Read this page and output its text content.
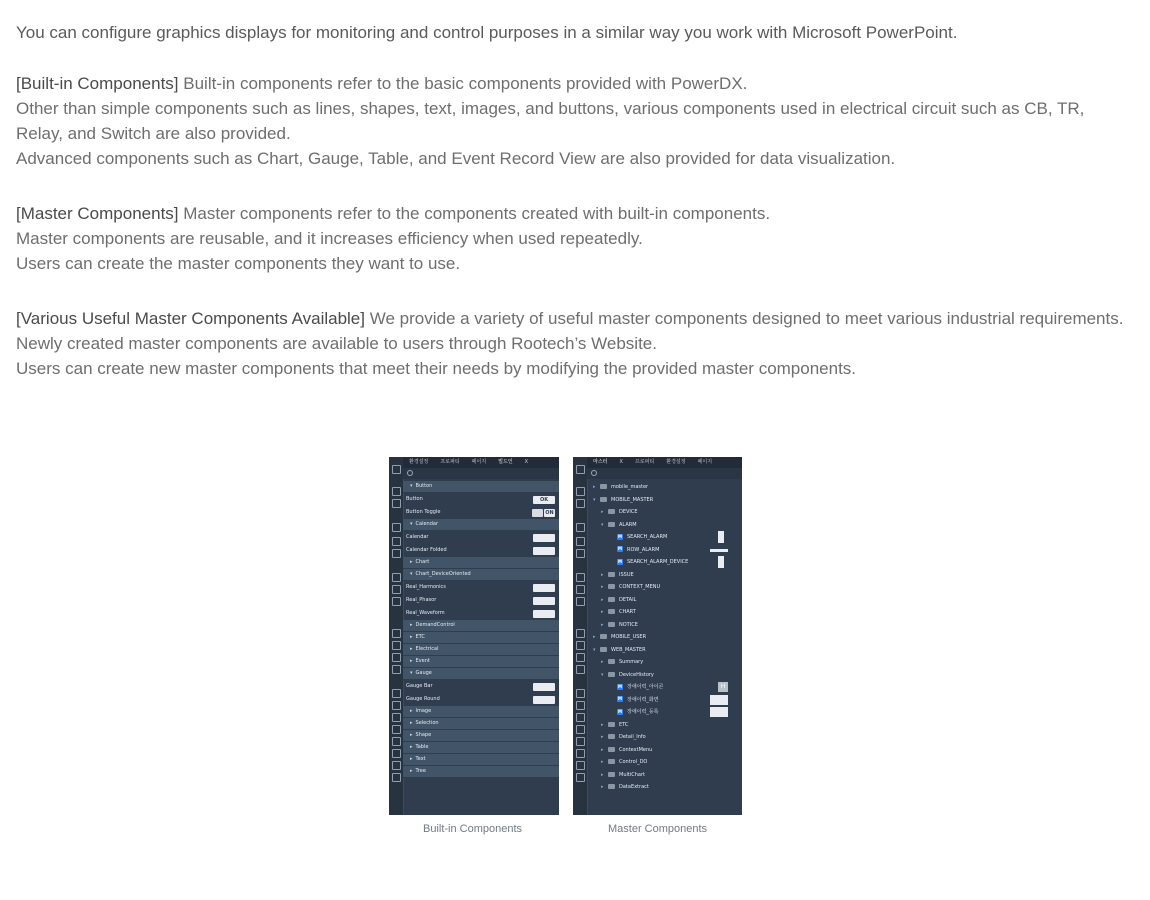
You can configure graphics displays for monitoring and control purposes in a similar way you work with Microsoft PowerPoint.

[Built-in Components] Built-in components refer to the basic components provided with PowerDX.

Other than simple components such as lines, shapes, text, images, and buttons, various components used in electrical circuit such as CB, TR, Relay, and Switch are also provided.

Advanced components such as Chart, Gauge, Table, and Event Record View are also provided for data visualization.

[Master Components] Master components refer to the components created with built-in components.

Master components are reusable, and it increases efficiency when used repeatedly.

Users can create the master components they want to use.

[Various Useful Master Components Available] We provide a variety of useful master components designed to meet various industrial requirements.

Newly created master components are available to users through Rootech’s Website.

Users can create new master components that meet their needs by modifying the provided master components.

환경설정	프로퍼티	페이지	빌드인	X
▾ Button
Button	OK
Button Toggle	ON
▾ Calendar
Calendar
Calendar Folded
▸ Chart
▾ Chart_DeviceOriented
Real_Harmonics
Real_Phasor
Real_Waveform
▸ DemandControl
▸ ETC
▸ Electrical
▸ Event
▾ Gauge
Gauge Bar
Gauge Round
▸ Image
▸ Selection
▸ Shape
▸ Table
▸ Text
▸ Tree
마스터	X	프로퍼티	환경설정	페이지
▸	mobile_master
▾	MOBILE_MASTER
▸	DEVICE
▾	ALARM
M SEARCH_ALARM
M ROW_ALARM
M SEARCH_ALARM_DEVICE
▸	ISSUE
▸	CONTEXT_MENU
▸	DETAIL
▸	CHART
▸	NOTICE
▸	MOBILE_USER
▾	WEB_MASTER
▸	Summary
▾	DeviceHistory
M 장애이력_아이콘	H
M 장애이력_화면
M 장애이력_등록
▸	ETC
▸	Detail_Info
▸	ContextMenu
▸	Control_DO
▸	MultiChart
▸	DataExtract
Built-in Components	Master Components
